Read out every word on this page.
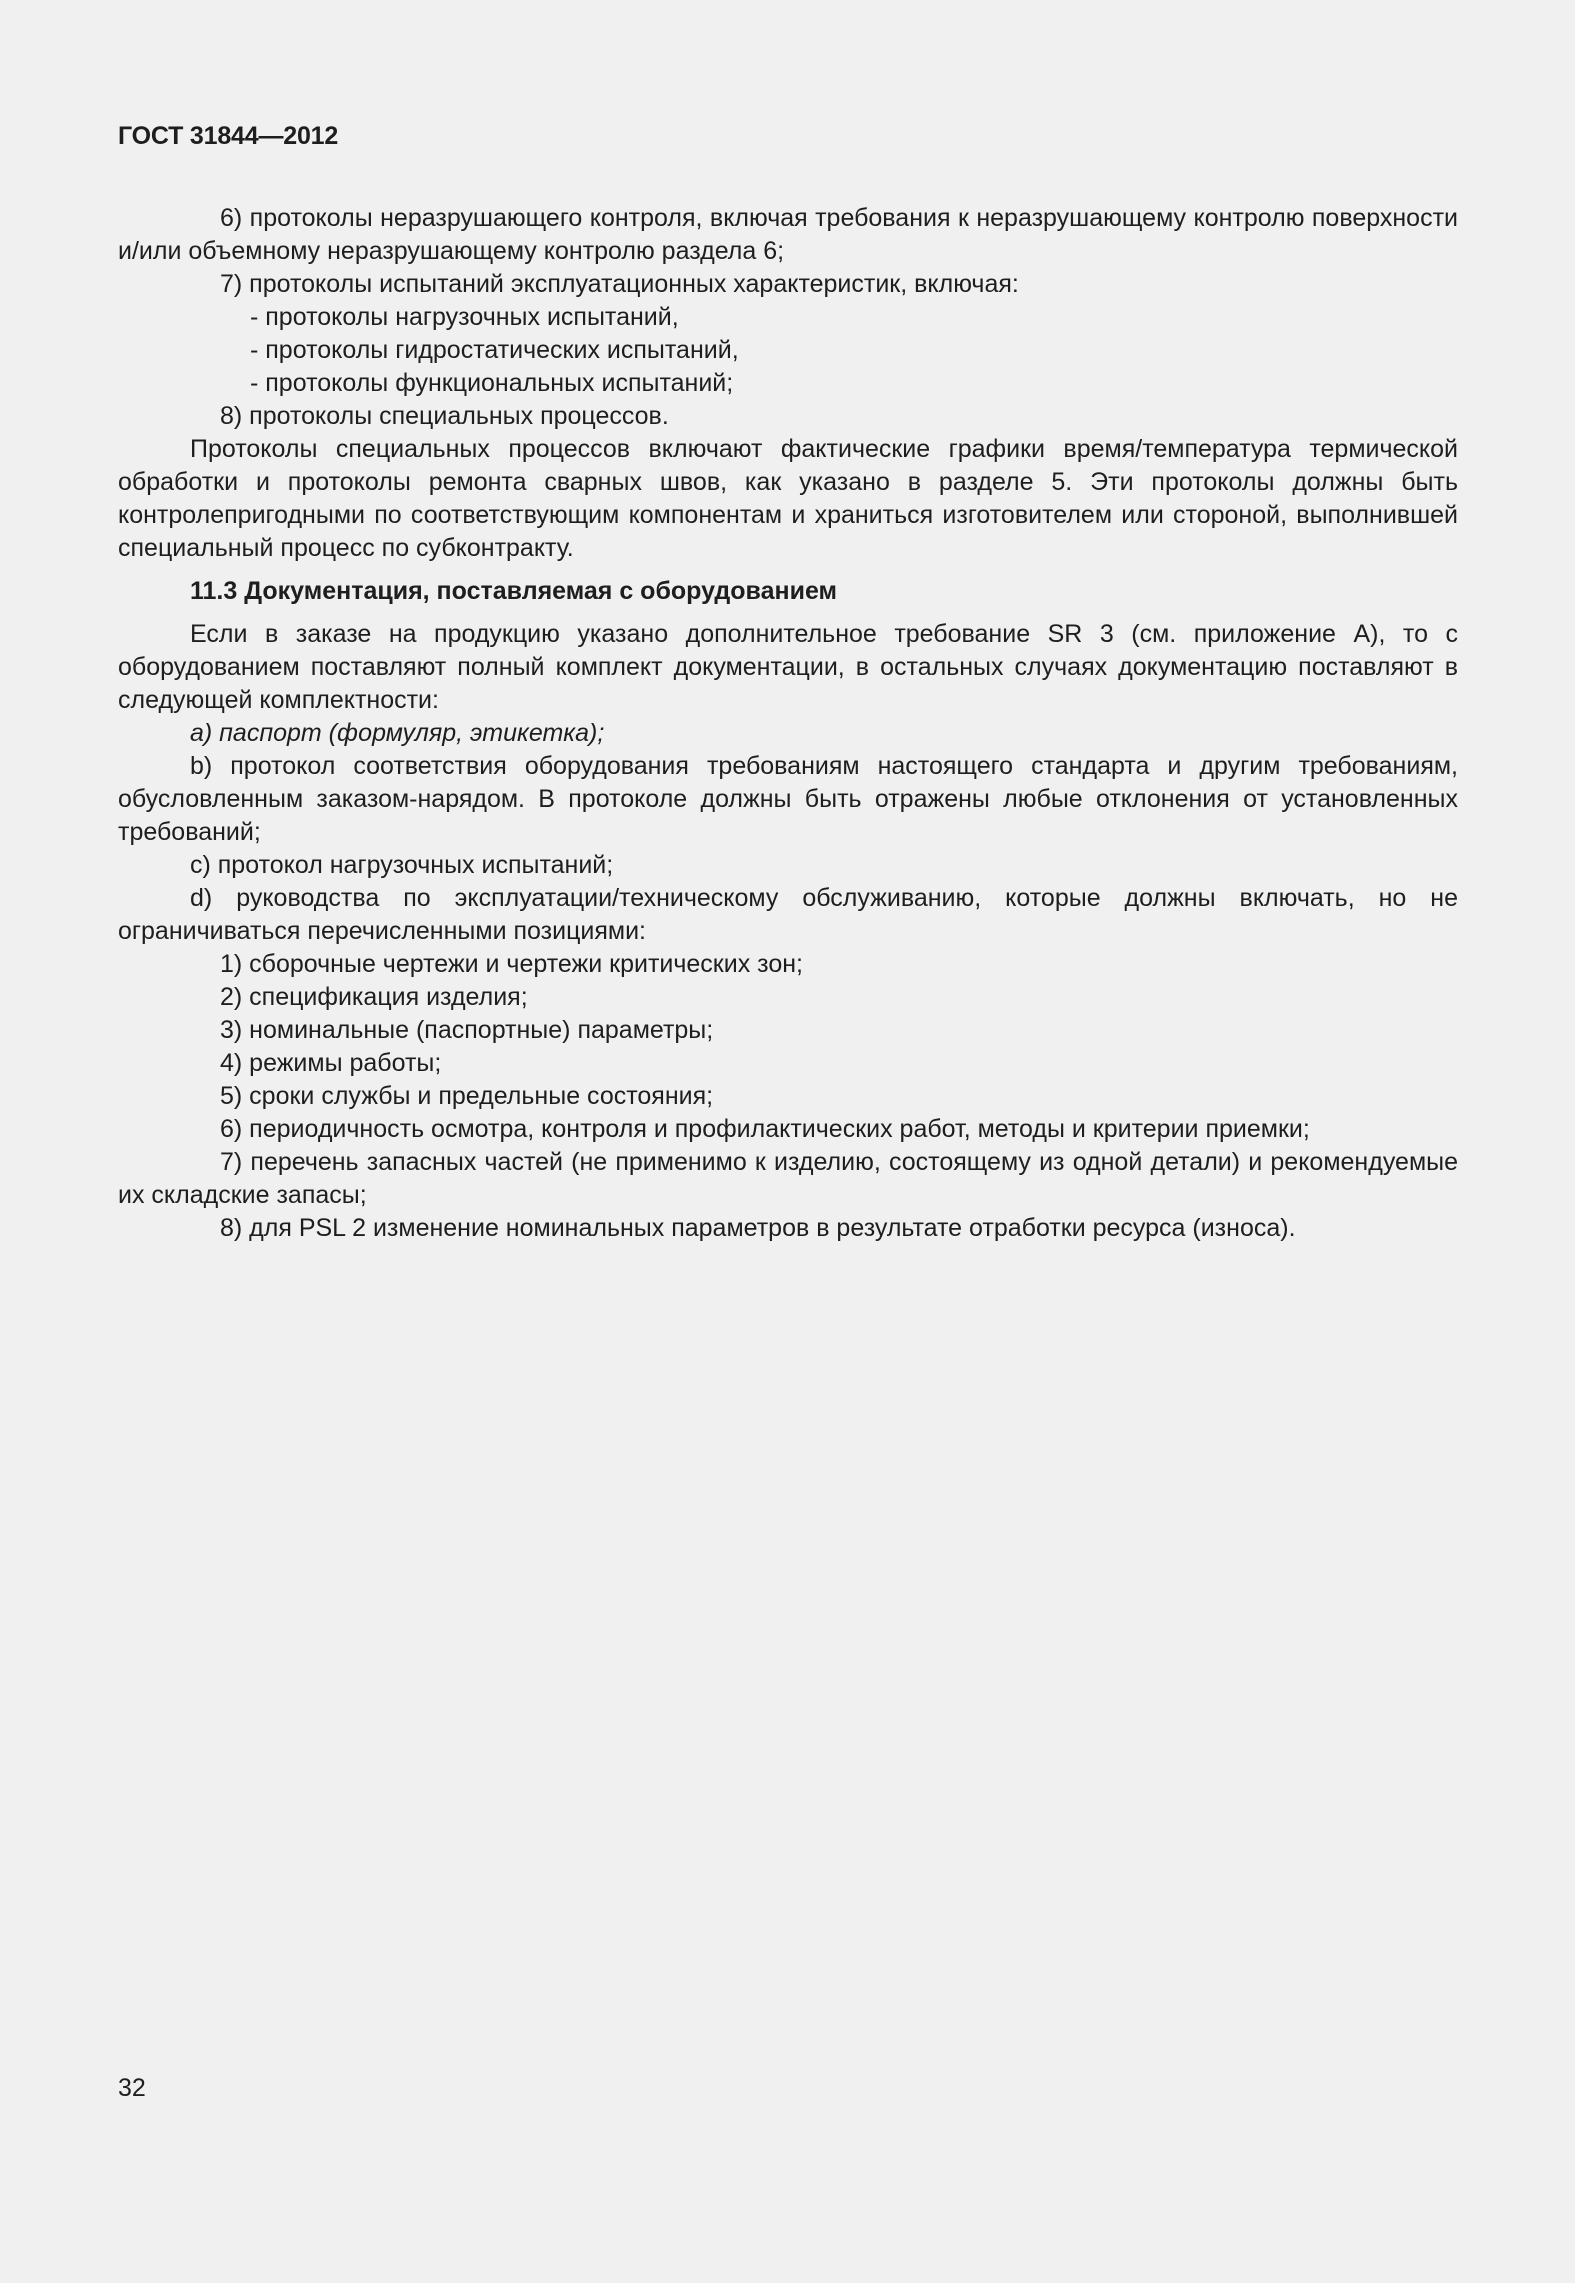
ГОСТ 31844—2012

6) протоколы неразрушающего контроля, включая требования к неразрушающему контролю поверхности и/или объемному неразрушающему контролю раздела 6;

7) протоколы испытаний эксплуатационных характеристик, включая:

- протоколы нагрузочных испытаний,

- протоколы гидростатических испытаний,

- протоколы функциональных испытаний;

8) протоколы специальных процессов.

Протоколы специальных процессов включают фактические графики время/температура термической обработки и протоколы ремонта сварных швов, как указано в разделе 5. Эти протоколы должны быть контролепригодными по соответствующим компонентам и храниться изготовителем или стороной, выполнившей специальный процесс по субконтракту.

11.3 Документация, поставляемая с оборудованием

Если в заказе на продукцию указано дополнительное требование SR 3 (см. приложение А), то с оборудованием поставляют полный комплект документации, в остальных случаях документацию поставляют в следующей комплектности:

а) паспорт (формуляр, этикетка);

b) протокол соответствия оборудования требованиям настоящего стандарта и другим требованиям, обусловленным заказом-нарядом. В протоколе должны быть отражены любые отклонения от установленных требований;

c) протокол нагрузочных испытаний;

d) руководства по эксплуатации/техническому обслуживанию, которые должны включать, но не ограничиваться перечисленными позициями:

1) сборочные чертежи и чертежи критических зон;

2) спецификация изделия;

3) номинальные (паспортные) параметры;

4) режимы работы;

5) сроки службы и предельные состояния;

6) периодичность осмотра, контроля и профилактических работ, методы и критерии приемки;

7) перечень запасных частей (не применимо к изделию, состоящему из одной детали) и рекомендуемые их складские запасы;

8) для PSL 2 изменение номинальных параметров в результате отработки ресурса (износа).

32
